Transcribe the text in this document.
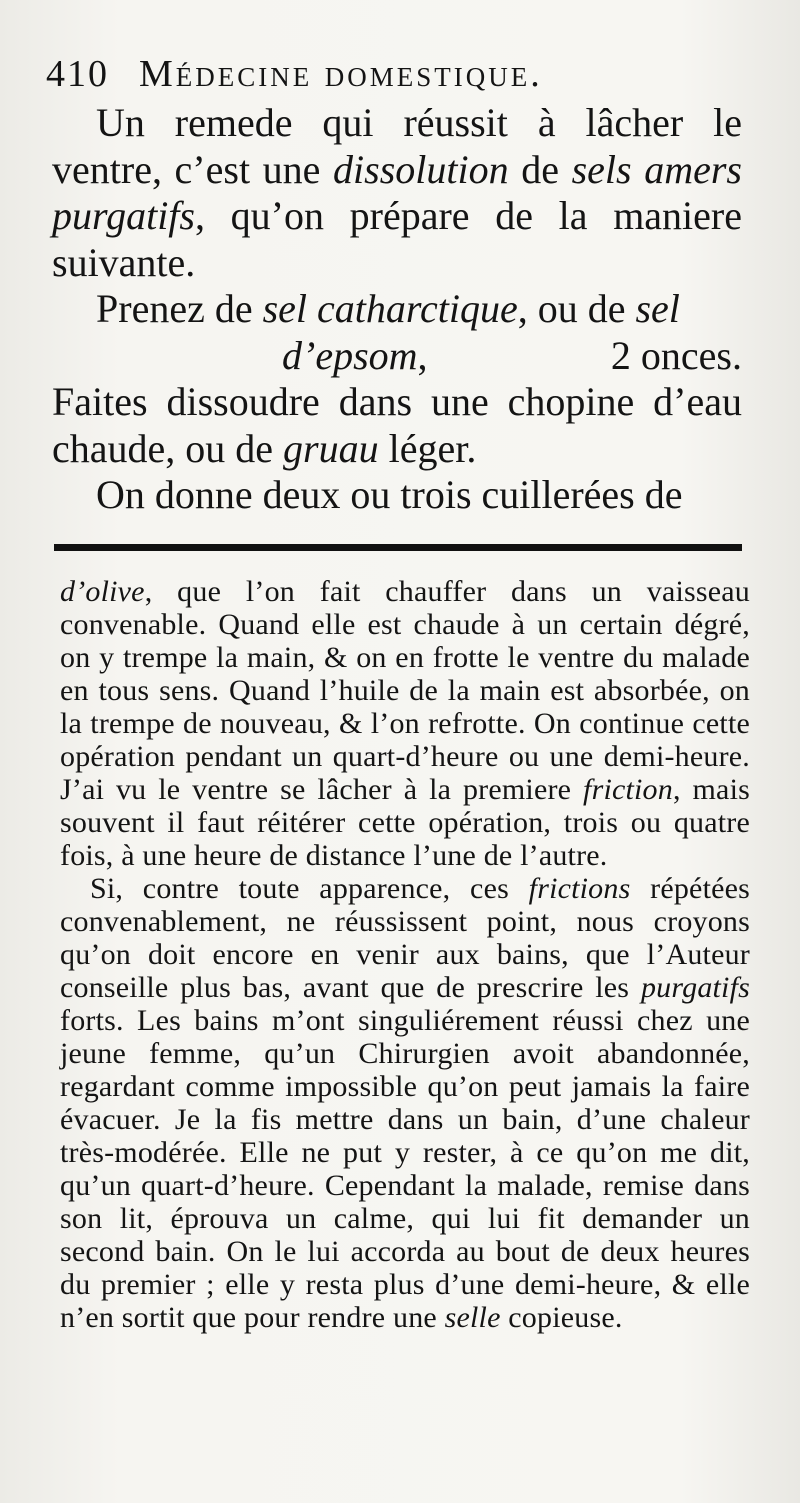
410 Médecine domestique.

Un remede qui réussit à lâcher le ventre, c’est une dissolution de sels amers purgatifs, qu’on prépare de la maniere suivante.

Prenez de sel catharctique, ou de sel
d’epsom,	2 onces.

Faites dissoudre dans une chopine d’eau chaude, ou de gruau léger.

On donne deux ou trois cuillerées de

d’olive, que l’on fait chauffer dans un vaisseau convenable. Quand elle est chaude à un certain dégré, on y trempe la main, & on en frotte le ventre du malade en tous sens. Quand l’huile de la main est absorbée, on la trempe de nouveau, & l’on refrotte. On continue cette opération pendant un quart-d’heure ou une demi-heure. J’ai vu le ventre se lâcher à la premiere friction, mais souvent il faut réitérer cette opération, trois ou quatre fois, à une heure de distance l’une de l’autre.

Si, contre toute apparence, ces frictions répétées convenablement, ne réussissent point, nous croyons qu’on doit encore en venir aux bains, que l’Auteur conseille plus bas, avant que de prescrire les purgatifs forts. Les bains m’ont singuliérement réussi chez une jeune femme, qu’un Chirurgien avoit abandonnée, regardant comme impossible qu’on peut jamais la faire évacuer. Je la fis mettre dans un bain, d’une chaleur très-modérée. Elle ne put y rester, à ce qu’on me dit, qu’un quart-d’heure. Cependant la malade, remise dans son lit, éprouva un calme, qui lui fit demander un second bain. On le lui accorda au bout de deux heures du premier ; elle y resta plus d’une demi-heure, & elle n’en sortit que pour rendre une selle copieuse.
